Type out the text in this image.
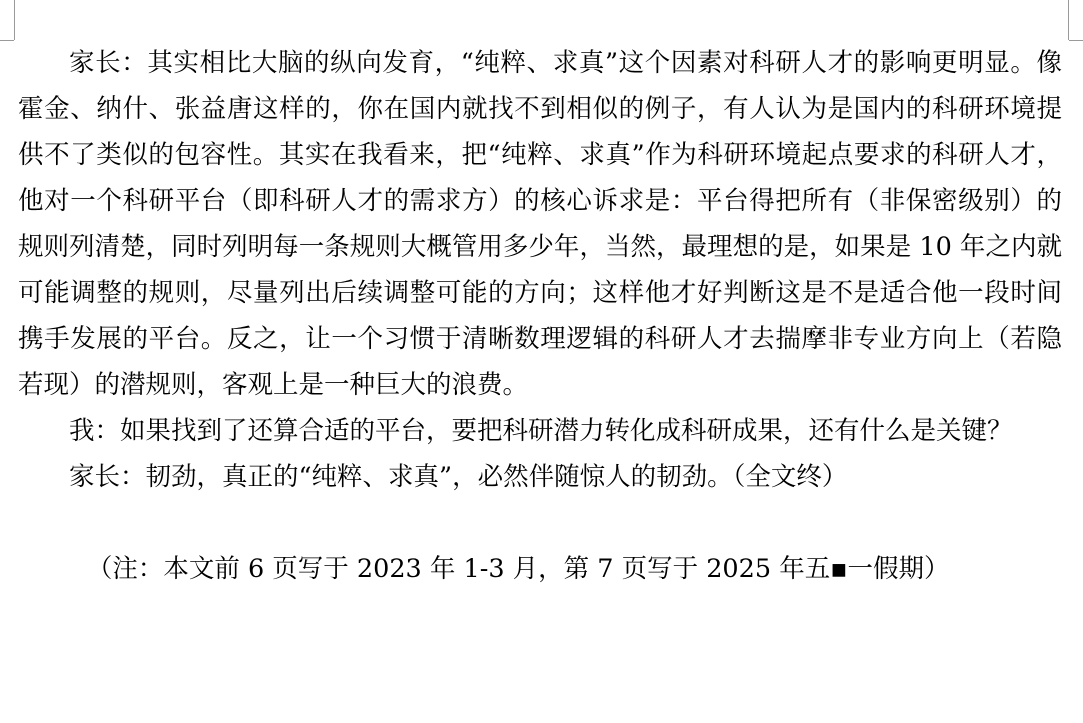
家长：其实相比大脑的纵向发育，“纯粹、求真”这个因素对科研人才的影响更明显。像霍金、纳什、张益唐这样的，你在国内就找不到相似的例子，有人认为是国内的科研环境提供不了类似的包容性。其实在我看来，把“纯粹、求真”作为科研环境起点要求的科研人才，他对一个科研平台（即科研人才的需求方）的核心诉求是：平台得把所有（非保密级别）的规则列清楚，同时列明每一条规则大概管用多少年，当然，最理想的是，如果是 10 年之内就可能调整的规则，尽量列出后续调整可能的方向；这样他才好判断这是不是适合他一段时间携手发展的平台。反之，让一个习惯于清晰数理逻辑的科研人才去揣摩非专业方向上（若隐若现）的潜规则，客观上是一种巨大的浪费。

我：如果找到了还算合适的平台，要把科研潜力转化成科研成果，还有什么是关键？

家长：韧劲，真正的“纯粹、求真”，必然伴随惊人的韧劲。（全文终）

（注：本文前 6 页写于 2023 年 1-3 月，第 7 页写于 2025 年五▪一假期）
